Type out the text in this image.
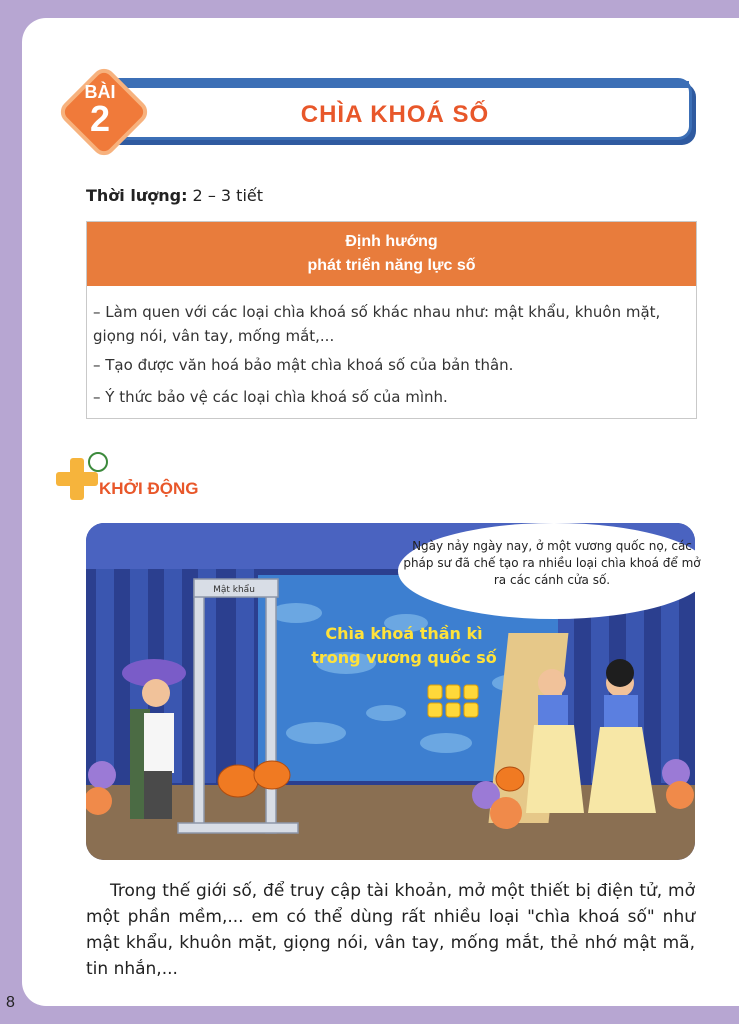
CHÌA KHOÁ SỐ
BÀI
2
Thời lượng: 2 – 3 tiết
Định hướng
phát triển năng lực số
– Làm quen với các loại chìa khoá số khác nhau như: mật khẩu, khuôn mặt, giọng nói, vân tay, mống mắt,...
– Tạo được văn hoá bảo mật chìa khoá số của bản thân.
– Ý thức bảo vệ các loại chìa khoá số của mình.
KHỞI ĐỘNG
Chìa khoá thần kì
trong vương quốc số
Mật khẩu
Ngày nảy ngày nay, ở một vương quốc nọ, các pháp sư đã chế tạo ra nhiều loại chìa khoá để mở ra các cánh cửa số.
Trong thế giới số, để truy cập tài khoản, mở một thiết bị điện tử, mở một phần mềm,... em có thể dùng rất nhiều loại "chìa khoá số" như mật khẩu, khuôn mặt, giọng nói, vân tay, mống mắt, thẻ nhớ mật mã, tin nhắn,...
8
